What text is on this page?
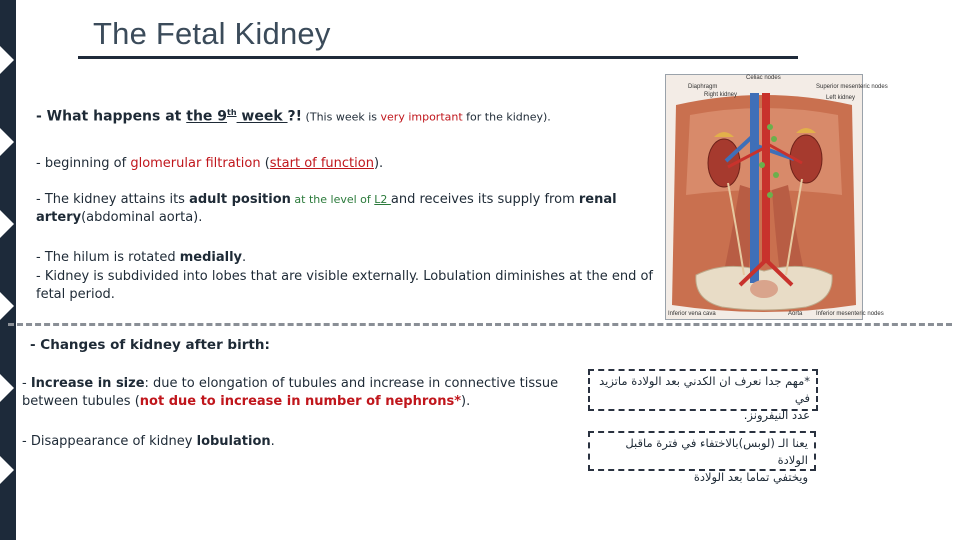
The Fetal Kidney
- What happens at the 9th week ?! (This week is very important for the kidney).
- beginning of glomerular filtration (start of function).
- The kidney attains its adult position at the level of L2 and receives its supply from renal
artery(abdominal aorta).
- The hilum is rotated medially.
- Kidney is subdivided into lobes that are visible externally. Lobulation diminishes at the end of
fetal period.
- Changes of kidney after birth:
- Increase in size: due to elongation of tubules and increase in connective tissue
between tubules (not due to increase in number of nephrons*).
- Disappearance of kidney lobulation.
*مهم جدا نعرف ان الكدني بعد الولادة ماتزيد في
عدد النيفرونز.
يعنا الـ (لوبس)بالاختفاء في فترة ماقبل الولادة
ويختفي تماما بعد الولادة
Celiac nodes
Diaphragm	Superior mesenteric nodes
Right kidney	Left kidney
Inferior vena cava	Aorta Inferior mesenteric nodes
